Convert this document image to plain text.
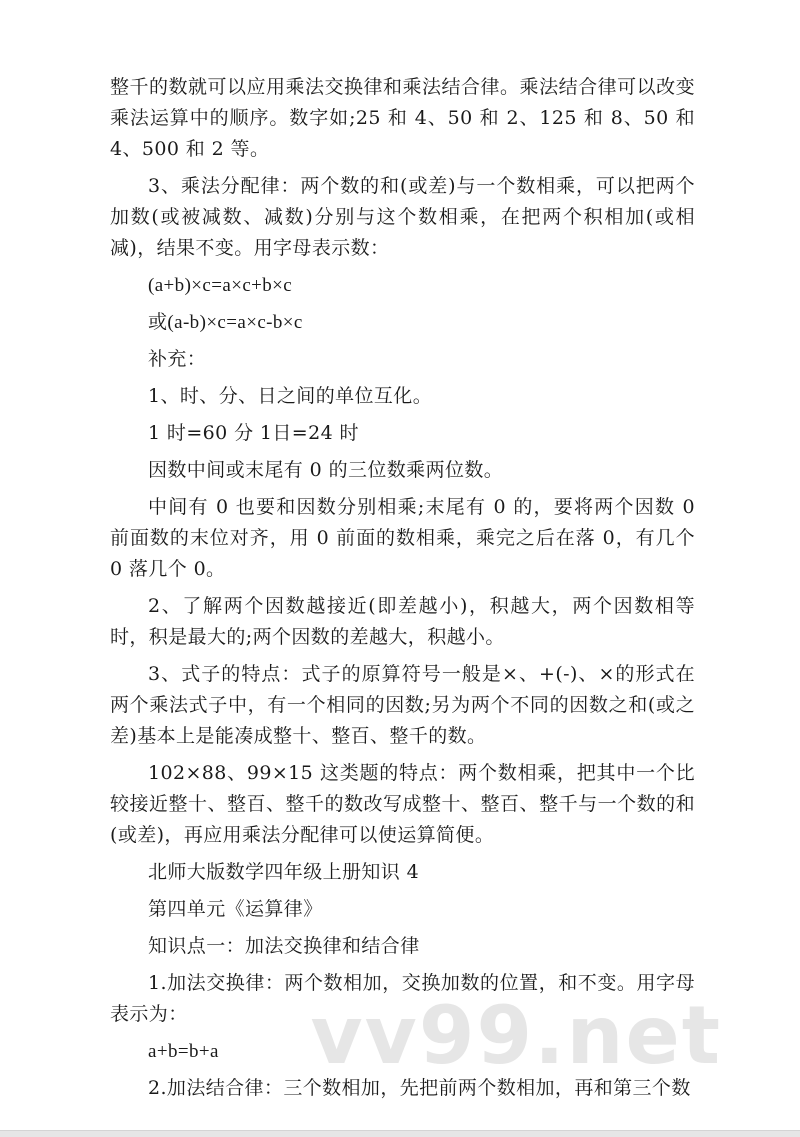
整千的数就可以应用乘法交换律和乘法结合律。乘法结合律可以改变乘法运算中的顺序。数字如;25 和 4、50 和 2、125 和 8、50 和 4、500 和 2 等。

3、乘法分配律：两个数的和(或差)与一个数相乘，可以把两个加数(或被减数、减数)分别与这个数相乘，在把两个积相加(或相减)，结果不变。用字母表示数：

(a+b)×c=a×c+b×c

或(a-b)×c=a×c-b×c

补充：

1、时、分、日之间的单位互化。

1 时=60 分 1日=24 时

因数中间或末尾有 0 的三位数乘两位数。

中间有 0 也要和因数分别相乘;末尾有 0 的，要将两个因数 0 前面数的末位对齐，用 0 前面的数相乘，乘完之后在落 0，有几个 0 落几个 0。

2、了解两个因数越接近(即差越小)，积越大，两个因数相等时，积是最大的;两个因数的差越大，积越小。

3、式子的特点：式子的原算符号一般是×、+(-)、×的形式在两个乘法式子中，有一个相同的因数;另为两个不同的因数之和(或之差)基本上是能凑成整十、整百、整千的数。

102×88、99×15 这类题的特点：两个数相乘，把其中一个比较接近整十、整百、整千的数改写成整十、整百、整千与一个数的和(或差)，再应用乘法分配律可以使运算简便。

北师大版数学四年级上册知识 4

第四单元《运算律》

知识点一：加法交换律和结合律

1.加法交换律：两个数相加，交换加数的位置，和不变。用字母表示为：

a+b=b+a

2.加法结合律：三个数相加，先把前两个数相加，再和第三个数

vv99.net
